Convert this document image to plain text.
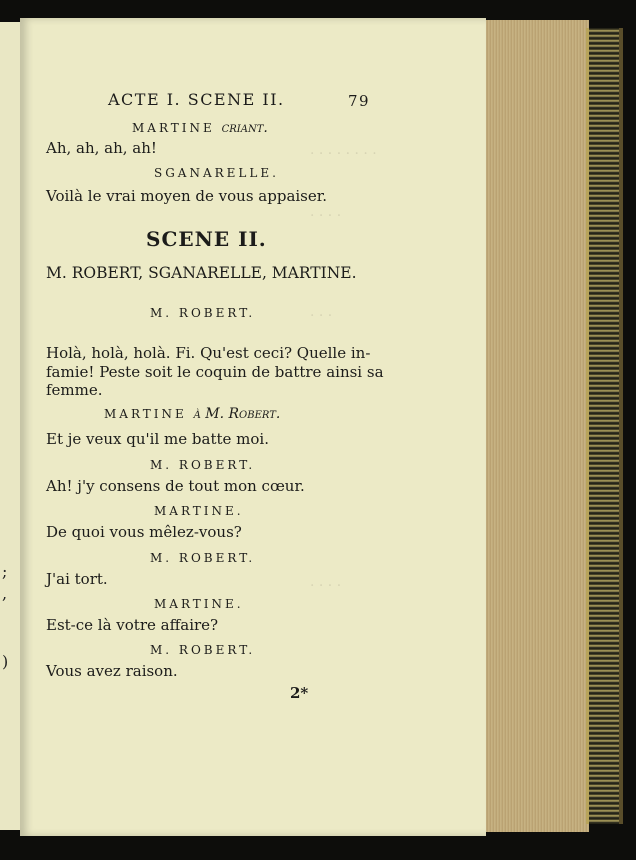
;
,
)
· · · · · · · ·
· · · ·
· · ·
· · · ·
ACTE I. SCENE II.	79
MARTINE criant.
Ah, ah, ah, ah!
SGANARELLE.
Voilà le vrai moyen de vous appaiser.
SCENE II.
M. ROBERT, SGANARELLE, MARTINE.
M. ROBERT.
Holà, holà, holà. Fi. Qu'est ceci? Quelle in-
famie! Peste soit le coquin de battre ainsi sa
femme.
MARTINE à M. Robert.
Et je veux qu'il me batte moi.
M. ROBERT.
Ah! j'y consens de tout mon cœur.
MARTINE.
De quoi vous mêlez-vous?
M. ROBERT.
J'ai tort.
MARTINE.
Est-ce là votre affaire?
M. ROBERT.
Vous avez raison.
2*
